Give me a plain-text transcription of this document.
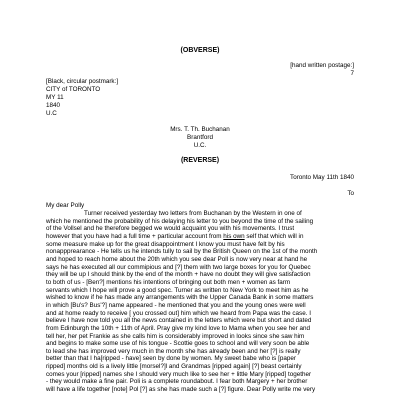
(OBVERSE)
[hand written postage:]
7
[Black, circular postmark:]
CITY of TORONTO
MY 11
1840
U.C
Mrs. T. Th. Buchanan
Brantford
U.C.
(REVERSE)
Toronto May 11th 1840
To
My dear Polly
Turner received yesterday two letters from Buchanan by the Western in one of
which he mentioned the probability of his delaying his letter to you beyond the time of the sailing
of the Vollsel and he therefore begged we would acquaint you with his movements. I trust
however that you have had a full time + particular account from his own self that which will in
some measure make up for the great disappointment I know you must have felt by his
nonappprearance - He tells us he intends tully to sail by the British Queen on the 1st of the month
and hoped to reach home about the 20th which you see dear Poll is now very near at hand he
says he has executed all our commipious and [?] them with two large boxes for you for Quebec
they will be up I should think by the end of the month + have no doubt they will give satisfaction
to both of us - [Ben?] mentions his intentions of bringing out both men + women as farm
servants which I hope will prove a good spec. Turner as written to New York to meet him as he
wished to know if he has made any arrangements with the Upper Canada Bank in some matters
in which [Bu's? Bus'?] name appeared - he mentioned that you and the young ones were well
and at home ready to receive [ you crossed out] him which we heard from Papa was the case. I
believe I have now told you all the news contained in the letters which were but short and dated
from Edinburgh the 10th + 11th of April. Pray give my kind love to Mama when you see her and
tell her, her pet Frankie as she calls him is considerably improved in looks since she saw him
and begins to make some use of his tongue - Scottie goes to school and will very soon be able
to lead she has improved very much in the month she has already been and her [?] is really
better than that I ha[ripped - have] seen by done by women. My sweet babe who is [paper
ripped] months old is a lively little [morsel?]l and Grandmas [ripped again] [?] beast certainly
comes your [ripped] names she I should very much like to see her + little Mary [ripped] together
- they would make a fine pair. Poli is a complete roundabout. I fear both Margery + her brother
will have a life together [note] Pol [?] as she has made such a [?] figure. Dear Polly write me very
